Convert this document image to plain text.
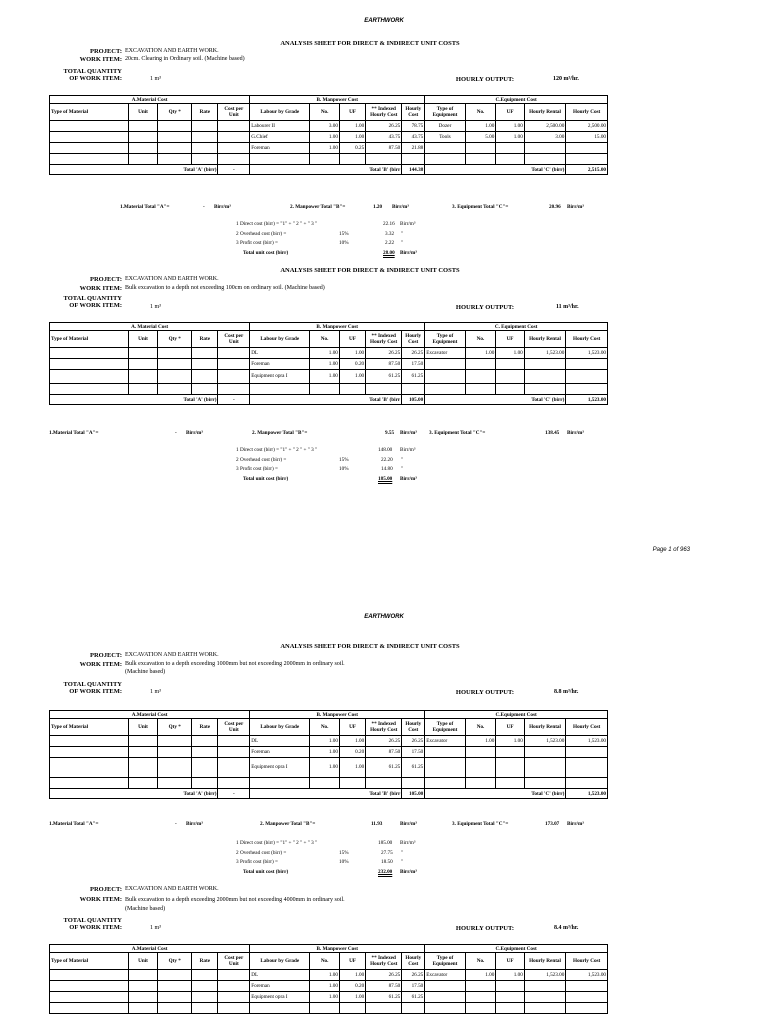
EARTHWORK
ANALYSIS SHEET FOR DIRECT & INDIRECT UNIT COSTS
PROJECT: EXCAVATION AND EARTH WORK.
WORK ITEM: 20cm. Clearing in Ordinary soil. (Machine based)
TOTAL QUANTITY
OF WORK ITEM:	1 m³	HOURLY OUTPUT:	120 m³/hr.
A.Material Cost					B. Manpower Cost					C.Equipment Cost				
Type of Material	Unit	Qty *	Rate	Cost per Unit	Labour by Grade	No.	UF	** Indexed Hourly Cost	Hourly Cost	Type of Equipment	No.	UF	Hourly Rental	Hourly Cost
					Labourer II	3.00	1.00	26.25	78.75	Dozer	1.00	1.00	2,500.00	2,500.00
					G.Chief	1.00	1.00	43.75	43.75	Tools	5.00	1.00	3.00	15.00
					Foreman	1.00	0.25	87.50	21.88					

Total 'A' (birr)				-	Total 'B' (birr				144.38	Total 'C' (birr)				2,515.00
1.Material Total "A"=	- Birr/m³	2. Manpower Total "B"=	1.20 Birr/m³	3. Equipment Total "C"=	20.96 Birr/m³
1 Direct cost (birr) = "1" + " 2 " + " 3 "	22.16 Birr/m³
2 Overhead cost (birr) =	15%	3.32 "
3 Profit cost (birr) =	10%	2.22 "
Total unit cost (birr)	28.00 Birr/m³
ANALYSIS SHEET FOR DIRECT & INDIRECT UNIT COSTS
PROJECT: EXCAVATION AND EARTH WORK.
WORK ITEM: Bulk excavation to a depth not exceeding 100cm on ordinary soil. (Machine based)
TOTAL QUANTITY
OF WORK ITEM:	1 m³	HOURLY OUTPUT:	11 m³/hr.
A. Material Cost					B. Manpower Cost					C. Equipment Cost				
Type of Material	Unit	Qty *	Rate	Cost per Unit	Labour by Grade	No.	UF	** Indexed Hourly Cost	Hourly Cost	Type of Equipment	No.	UF	Hourly Rental	Hourly Cost
					DL	1.00	1.00	26.25	26.25	Excavator	1.00	1.00	1,523.00	1,523.00
					Foreman	1.00	0.20	87.50	17.50					
					Equipment opra I	1.00	1.00	61.25	61.25					

Total 'A' (birr)				-	Total 'B' (birr				105.00	Total 'C' (birr)				1,523.00
1.Material Total "A"=	- Birr/m³	2. Manpower Total "B"=	9.55 Birr/m³ 3. Equipment Total "C"=	138.45 Birr/m³
1 Direct cost (birr) = "1" + " 2 " + " 3 "	148.00 Birr/m³
2 Overhead cost (birr) =	15%	22.20 "
3 Profit cost (birr) =	10%	14.80 "
Total unit cost (birr)	185.00 Birr/m³
Page 1 of 963
EARTHWORK
ANALYSIS SHEET FOR DIRECT & INDIRECT UNIT COSTS
PROJECT: EXCAVATION AND EARTH WORK.
WORK ITEM: Bulk excavation to a depth exceeding 1000mm but not exceeding 2000mm in ordinary soil.
(Machine based)
TOTAL QUANTITY
OF WORK ITEM:	1 m³	HOURLY OUTPUT:	8.8 m³/hr.
A.Material Cost					B. Manpower Cost					C.Equipment Cost				
Type of Material	Unit	Qty *	Rate	Cost per Unit	Labour by Grade	No.	UF	** Indexed Hourly Cost	Hourly Cost	Type of Equipment	No.	UF	Hourly Rental	Hourly Cost
					DL	1.00	1.00	26.25	26.25	Excavator	1.00	1.00	1,523.00	1,523.00
					Foreman	1.00	0.20	87.50	17.50					
					Equipment opra I	1.00	1.00	61.25	61.25					

Total 'A' (birr)				-	Total 'B' (birr				105.00	Total 'C' (birr)				1,523.00
1.Material Total "A"=	- Birr/m³	2. Manpower Total "B"=	11.93	Birr/m³	3. Equipment Total "C"=	173.07 Birr/m³
1 Direct cost (birr) = "1" + " 2 " + " 3 "	185.00 Birr/m³
2 Overhead cost (birr) =	15%	27.75 "
3 Profit cost (birr) =	10%	18.50 "
Total unit cost (birr)	232.00 Birr/m³
PROJECT: EXCAVATION AND EARTH WORK.
WORK ITEM: Bulk excavation to a depth exceeding 2000mm but not exceeding 4000mm in ordinary soil.
(Machine based)
TOTAL QUANTITY
OF WORK ITEM:	1 m³	HOURLY OUTPUT:	8.4 m³/hr.
A.Material Cost					B. Manpower Cost					C.Equipment Cost				
Type of Material	Unit	Qty *	Rate	Cost per Unit	Labour by Grade	No.	UF	** Indexed Hourly Cost	Hourly Cost	Type of Equipment	No.	UF	Hourly Rental	Hourly Cost
					DL	1.00	1.00	26.25	26.25	Excavator	1.00	1.00	1,523.00	1,523.00
					Foreman	1.00	0.20	87.50	17.50					
					Equipment opra I	1.00	1.00	61.25	61.25					
